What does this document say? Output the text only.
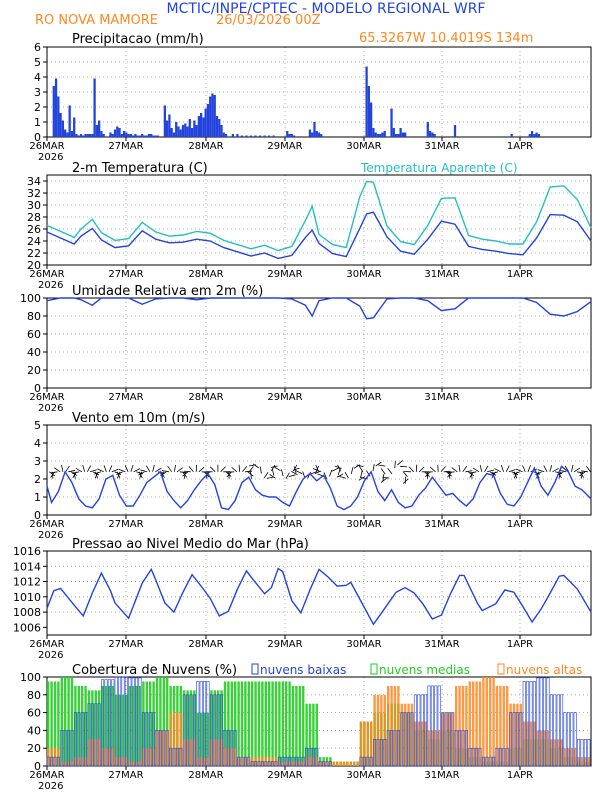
MCTIC/INPE/CPTEC - MODELO REGIONAL WRF
RO NOVA MAMORE	26/03/2026 00Z
65.3267W 10.4019S 134m
0
1
2
3
4
5
6
26MAR	27MAR	28MAR	29MAR	30MAR	31MAR	1APR
2026
Precipitacao (mm/h)
20
22
24
26
28
30
32
34
26MAR	27MAR	28MAR	29MAR	30MAR	31MAR	1APR
2026
2-m Temperatura (C)	Temperatura Aparente (C)
0
20
40
60
80
100
26MAR	27MAR	28MAR	29MAR	30MAR	31MAR	1APR
2026
Umidade Relativa em 2m (%)
0
1
2
3
4
5
26MAR	27MAR	28MAR	29MAR	30MAR	31MAR	1APR
2026
Vento em 10m (m/s)
1006
1008
1010
1012
1014
1016
26MAR	27MAR	28MAR	29MAR	30MAR	31MAR	1APR
2026
Pressao ao Nivel Medio do Mar (hPa)
0
20
40
60
80
100
26MAR	27MAR	28MAR	29MAR	30MAR	31MAR	1APR
2026
Cobertura de Nuvens (%) nuvens baixas	nuvens medias	nuvens altas
